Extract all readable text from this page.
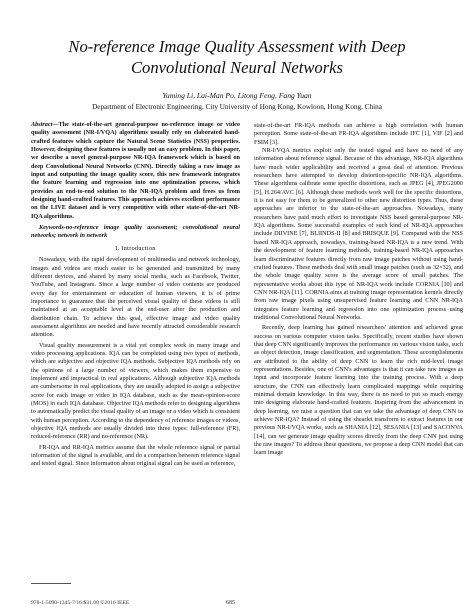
No-reference Image Quality Assessment with Deep
Convolutional Neural Networks
Yuming Li, Lai-Man Po, Litong Feng, Fang Yuan
Department of Electronic Engineering, City University of Hong Kong, Kowloon, Hong Kong, China

Abstract—The state-of-the-art general-purpose no-reference image or video quality assessment (NR-I/VQA) algorithms usually rely on elaborated hand-crafted features which capture the Natural Scene Statistics (NSS) properties. However, designing these features is usually not an easy problem. In this paper, we describe a novel general-purpose NR-IQA framework which is based on deep Convolutional Neural Networks (CNN). Directly taking a raw image as input and outputting the image quality score, this new framework integrates the feature learning and regression into one optimization process, which provides an end-to-end solution to the NR-IQA problem and frees us from designing hand-crafted features. This approach achieves excellent performance on the LIVE dataset and is very competitive with other state-of-the-art NR-IQA algorithms.

Keywords-no-reference image quality assessment; convolutional neural networks; network in network

I. Introduction

Nowadays, with the rapid development of multimedia and network technology, images and videos are much easier to be generated and transmitted by many different devices, and shared by many social media, such as Facebook, Twitter, YouTube, and Instagram. Since a large number of video contents are produced every day for entertainment or education of human viewers, it is of prime importance to guarantee that the perceived visual quality of these videos is still maintained at an acceptable level at the end-user after the production and distribution chain. To achieve this goal, effective image and video quality assessment algorithms are needed and have recently attracted considerable research attention.

Visual quality measurement is a vital yet complex work in many image and video processing applications. IQA can be completed using two types of methods, which are subjective and objective IQA methods. Subjective IQA methods rely on the opinions of a large number of viewers, which makes them expensive to implement and impractical in real applications. Although subjective IQA methods are cumbersome in real applications, they are usually adopted to assign a subjective score for each image or video in IQA database, such as the mean-opinion-score (MOS) in each IQA database. Objective IQA methods refer to designing algorithms to automatically predict the visual quality of an image or a video which is consistent with human perception. According to the dependency of reference images or videos, objective IQA methods are usually divided into three types: full-reference (FR), reduced-reference (RR) and no-reference (NR).

FR-IQA and RR-IQA metrics assume that the whole reference signal or partial information of the signal is available, and do a comparison between reference signal and tested signal. Since information about original signal can be used as reference,

state-of-the-art FR-IQA methods can achieve a high correlation with human perception. Some state-of-the-art FR-IQA algorithms include IFC [1], VIF [2] and FSIM [3].

NR-I/VQA metrics exploit only the tested signal and have no need of any information about reference signal. Because of this advantage, NR-IQA algorithms have much wider applicability and received a great deal of attention. Previous researchers have attempted to develop distortion-specific NR-IQA algorithms. These algorithms calibrate some specific distortions, such as JPEG [4], JPEG2000 [5], H.264/AVC [6]. Although these methods work well for the specific distortions, it is not easy for them to be generalized to other new distortion types. Thus, these approaches are inferior to the state-of-the-art approaches. Nowadays, many researchers have paid much effort to investigate NSS based general-purpose NR-IQA algorithms. Some successful examples of such kind of NR-IQA approaches include DIIVINE [7], BLIINDS-II [8] and BRISQUE [9]. Compared with the NSS based NR-IQA approach, nowadays, training-based NR-IQA is a new trend. With the development of feature learning methods, training-based NR-IQA approaches learn discriminative features directly from raw image patches without using hand-crafted features. These methods deal with small image patches (such as 32×32), and the whole image quality score is the average score of small patches. The representative works about this type of NR-IQA work include CORNIA [10] and CNN NR-IQA [11]. CORNIA aims at training image representation kernels directly from raw image pixels using unsupervised feature learning and CNN NR-IQA integrates feature learning and regression into one optimization process using traditional Convolutional Neural Networks.

Recently, deep learning has gained researchers' attention and achieved great success on various computer vision tasks. Specifically, recent studies have shown that deep CNN significantly improves the performance on various vision tasks, such as object detection, image classification, and segmentation. These accomplishments are attributed to the ability of deep CNN to learn the rich mid-level image representations. Besides, one of CNN's advantages is that it can take raw images as input and incorporate feature learning into the training process. With a deep structure, the CNN can effectively learn complicated mappings while requiring minimal domain knowledge. In this way, there is no need to put so much energy into designing elaborate hand-crafted features. Inspiring from the advancement in deep learning, we raise a question that can we take the advantage of deep CNN to achieve NR-IQA? Instead of using the shearlet transform to extract features in our previous NR-I/VQA works, such as SHANIA [12], SESANIA [13] and SACONVA [14], can we generate image quality scores directly from the deep CNN just using the raw images? To address these questions, we propose a deep CNN model that can learn image

978-1-5090-1345-7/16/$31.00 ©2016 IEEE	685
